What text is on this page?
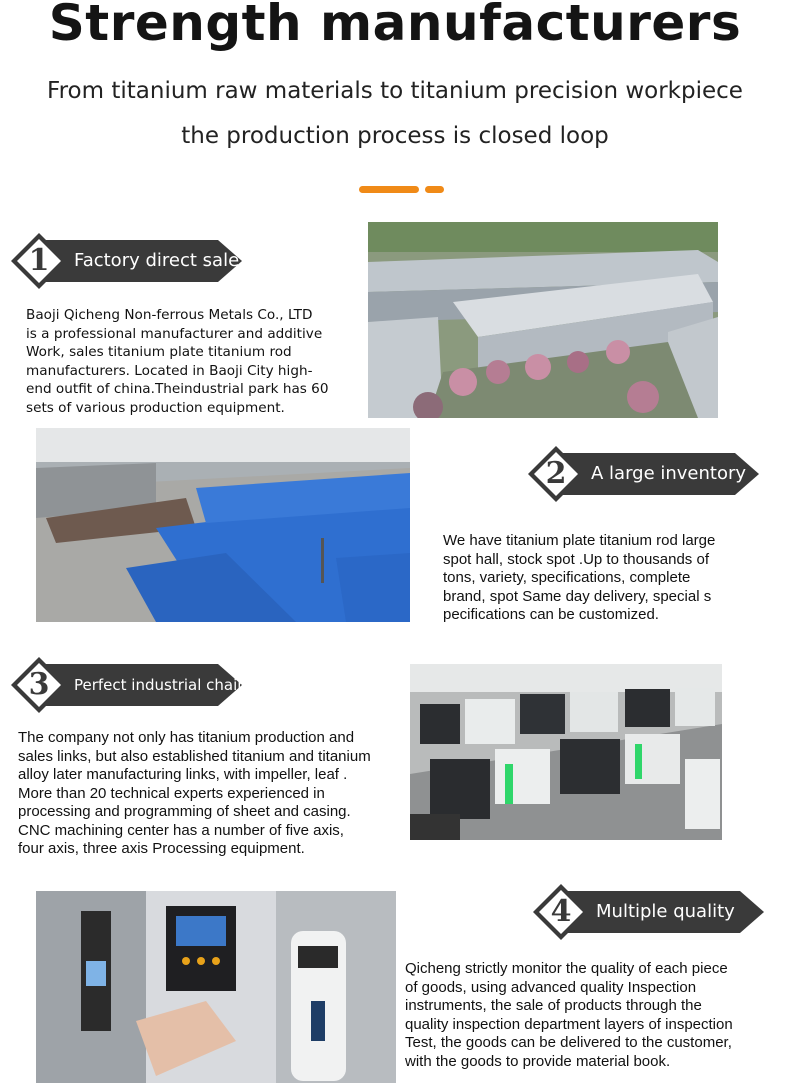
Strength manufacturers
From titanium raw materials to titanium precision workpiece
the production process is closed loop
1	Factory direct sale
Baoji Qicheng Non-ferrous Metals Co., LTD
is a professional manufacturer and additive
Work, sales titanium plate titanium rod
manufacturers. Located in Baoji City high-
end outfit of china.Theindustrial park has 60
sets of various production equipment.
2	A large inventory
We have titanium plate titanium rod large
spot hall, stock spot .Up to thousands of
tons, variety, specifications, complete
brand, spot Same day delivery, special s
pecifications can be customized.
3	Perfect industrial chain
The company not only has titanium production and
sales links, but also established titanium and titanium
alloy later manufacturing links, with impeller, leaf .
More than 20 technical experts experienced in
processing and programming of sheet and casing.
CNC machining center has a number of five axis,
four axis, three axis Processing equipment.
4	Multiple quality
Qicheng strictly monitor the quality of each piece
of goods, using advanced quality Inspection
instruments, the sale of products through the
quality inspection department layers of inspection
Test, the goods can be delivered to the customer,
with the goods to provide material book.
